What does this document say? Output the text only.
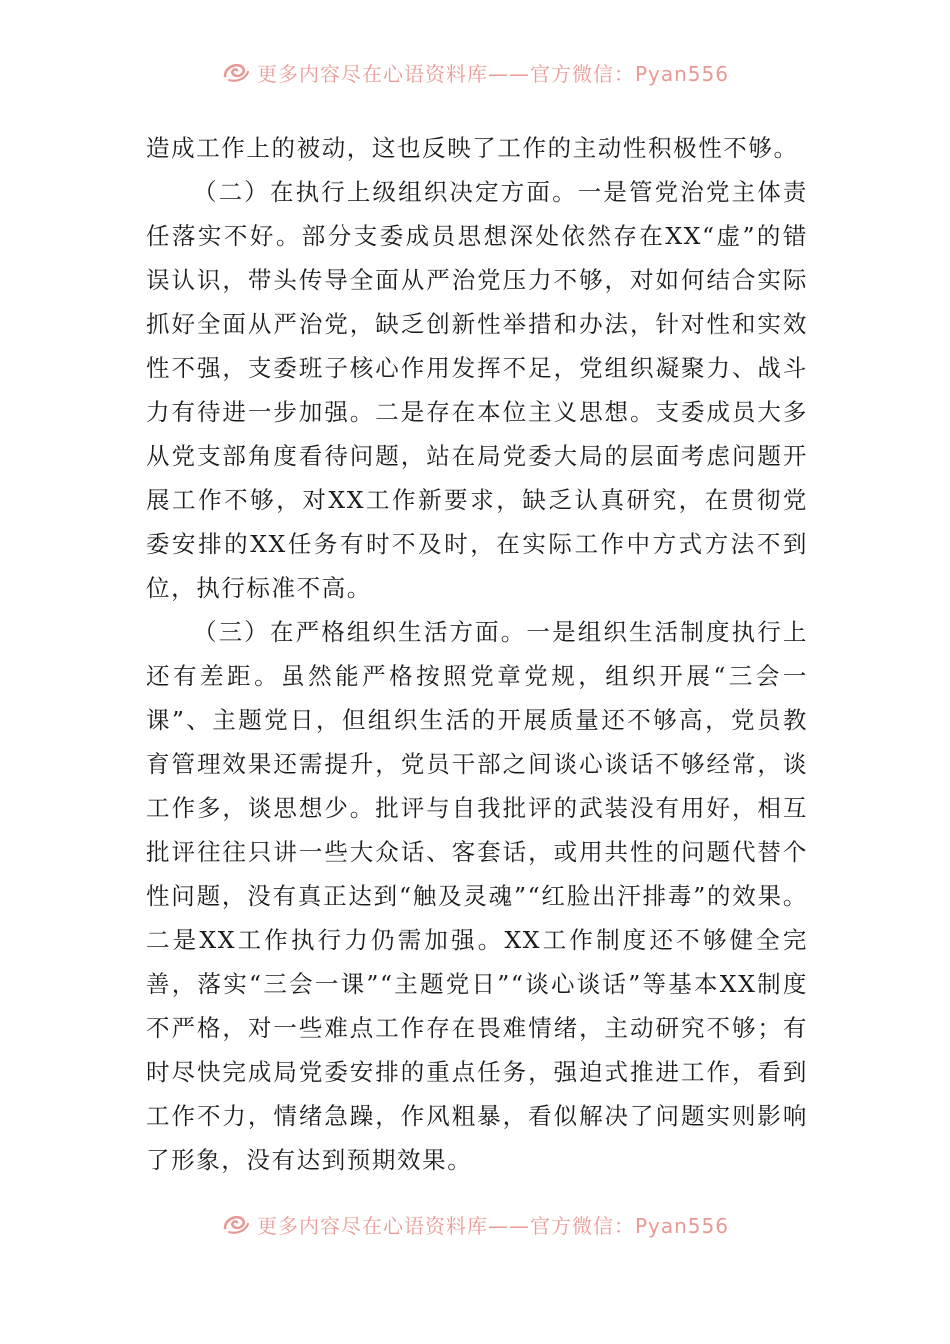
更多内容尽在心语资料库——官方微信：Pyan556

造成工作上的被动，这也反映了工作的主动性积极性不够。

（二）在执行上级组织决定方面。一是管党治党主体责任落实不好。部分支委成员思想深处依然存在XX“虚”的错误认识，带头传导全面从严治党压力不够，对如何结合实际抓好全面从严治党，缺乏创新性举措和办法，针对性和实效性不强，支委班子核心作用发挥不足，党组织凝聚力、战斗力有待进一步加强。二是存在本位主义思想。支委成员大多从党支部角度看待问题，站在局党委大局的层面考虑问题开展工作不够，对XX工作新要求，缺乏认真研究，在贯彻党委安排的XX任务有时不及时，在实际工作中方式方法不到位，执行标准不高。

（三）在严格组织生活方面。一是组织生活制度执行上还有差距。虽然能严格按照党章党规，组织开展“三会一课”、主题党日，但组织生活的开展质量还不够高，党员教育管理效果还需提升，党员干部之间谈心谈话不够经常，谈工作多，谈思想少。批评与自我批评的武装没有用好，相互批评往往只讲一些大众话、客套话，或用共性的问题代替个性问题，没有真正达到“触及灵魂”“红脸出汗排毒”的效果。二是XX工作执行力仍需加强。XX工作制度还不够健全完善，落实“三会一课”“主题党日”“谈心谈话”等基本XX制度不严格，对一些难点工作存在畏难情绪，主动研究不够；有时尽快完成局党委安排的重点任务，强迫式推进工作，看到工作不力，情绪急躁，作风粗暴，看似解决了问题实则影响了形象，没有达到预期效果。

更多内容尽在心语资料库——官方微信：Pyan556
